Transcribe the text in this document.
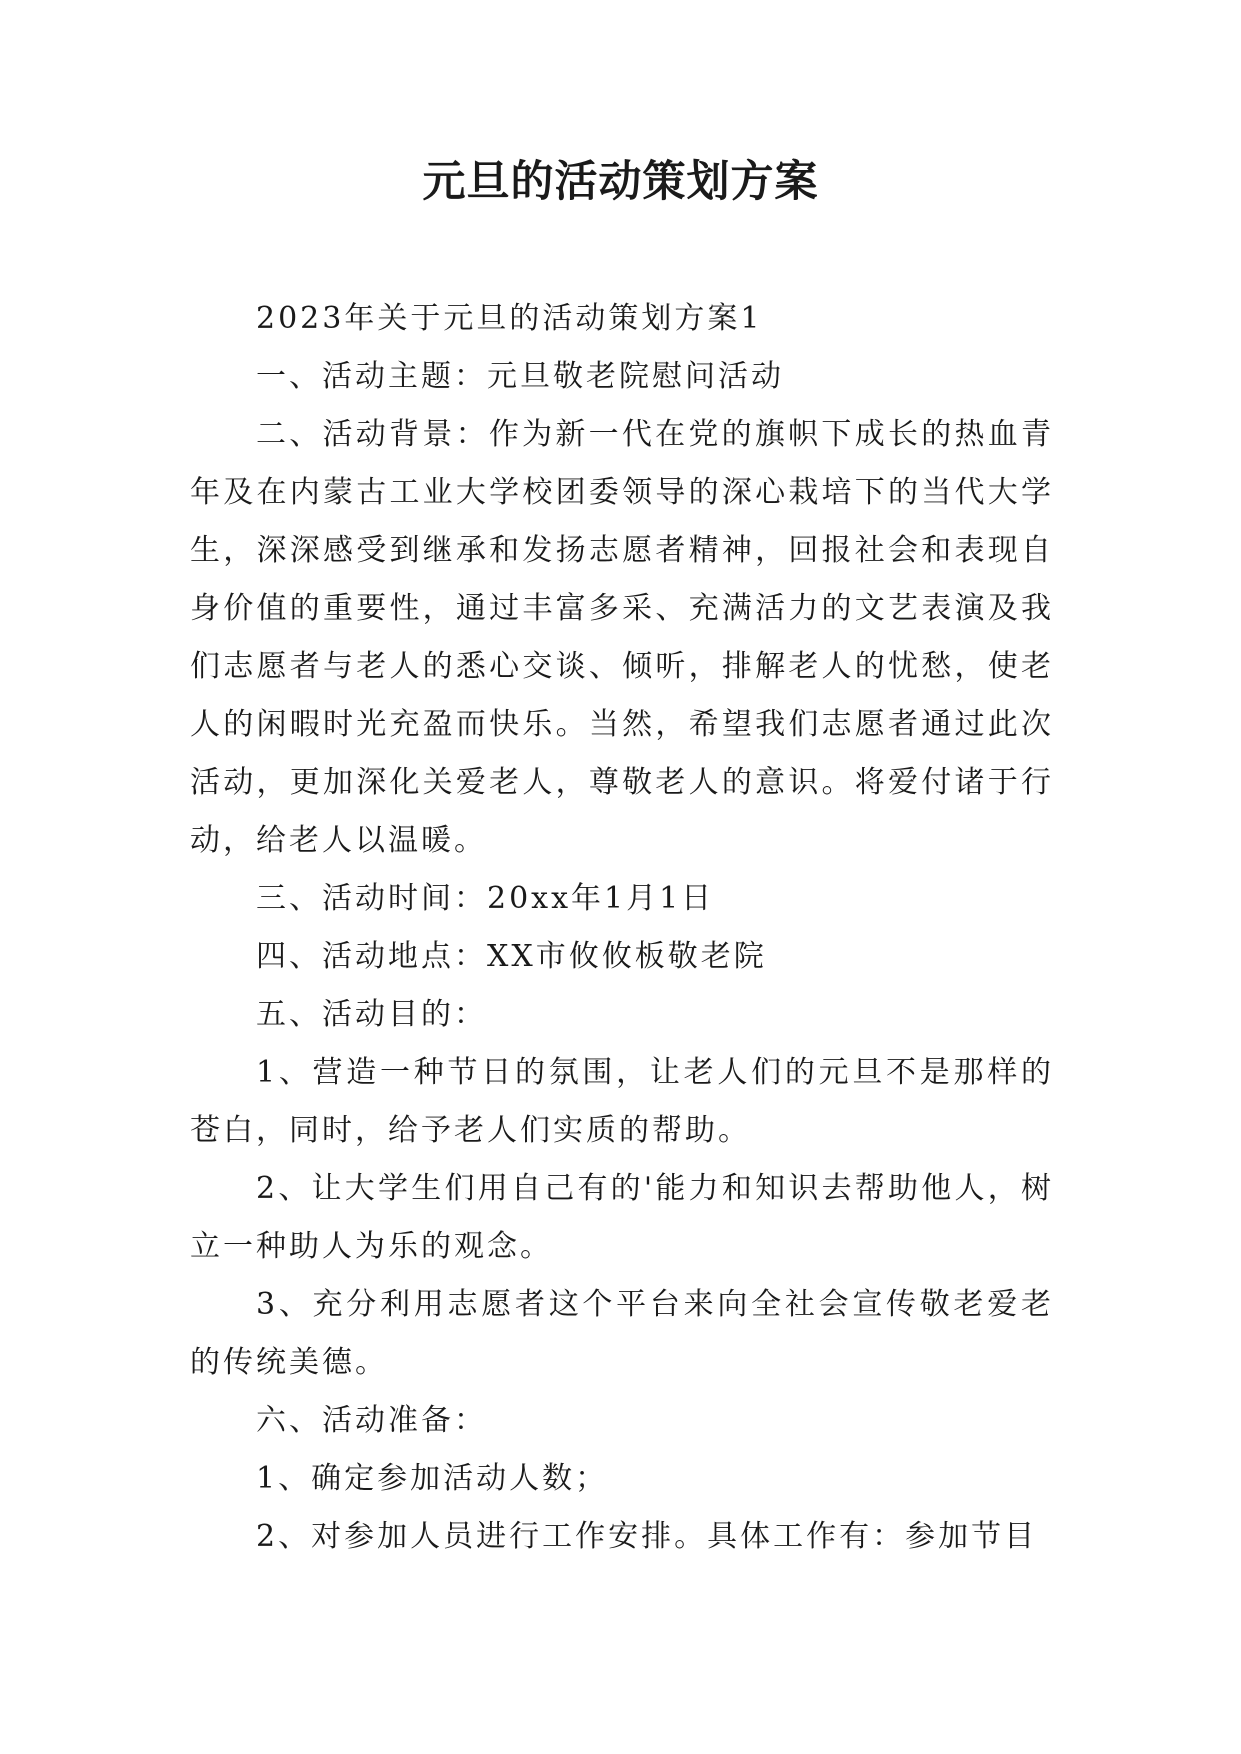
元旦的活动策划方案

2023年关于元旦的活动策划方案1

一、活动主题：元旦敬老院慰问活动

二、活动背景：作为新一代在党的旗帜下成长的热血青年及在内蒙古工业大学校团委领导的深心栽培下的当代大学生，深深感受到继承和发扬志愿者精神，回报社会和表现自身价值的重要性，通过丰富多采、充满活力的文艺表演及我们志愿者与老人的悉心交谈、倾听，排解老人的忧愁，使老人的闲暇时光充盈而快乐。当然，希望我们志愿者通过此次活动，更加深化关爱老人，尊敬老人的意识。将爱付诸于行动，给老人以温暖。

三、活动时间：20xx年1月1日

四、活动地点：XX市攸攸板敬老院

五、活动目的：

1、营造一种节日的氛围，让老人们的元旦不是那样的苍白，同时，给予老人们实质的帮助。

2、让大学生们用自己有的'能力和知识去帮助他人，树立一种助人为乐的观念。

3、充分利用志愿者这个平台来向全社会宣传敬老爱老的传统美德。

六、活动准备：

1、确定参加活动人数；

2、对参加人员进行工作安排。具体工作有：参加节目
